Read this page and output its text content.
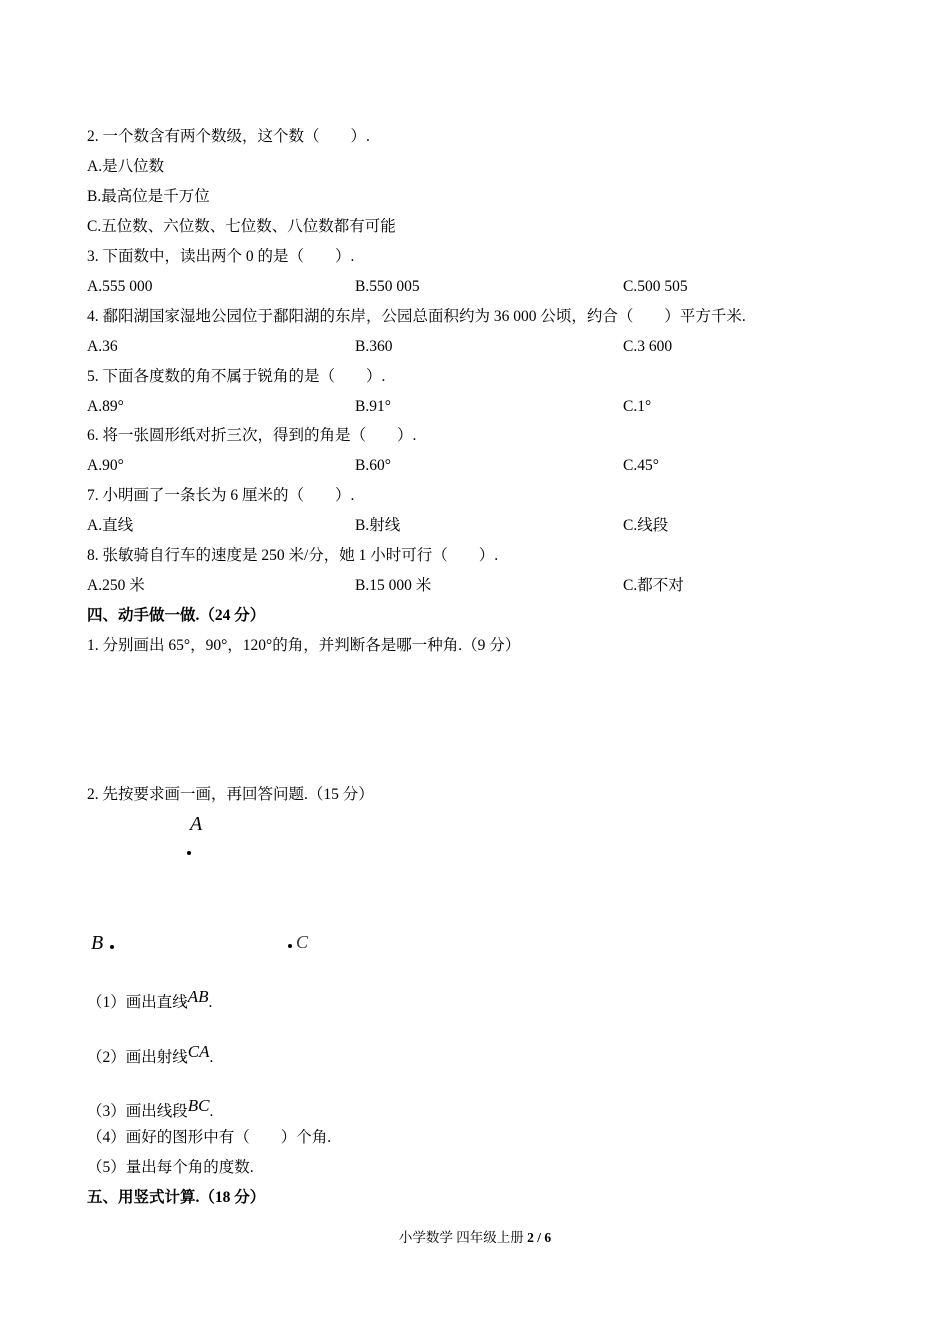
2. 一个数含有两个数级，这个数（　　）.
A.是八位数
B.最高位是千万位
C.五位数、六位数、七位数、八位数都有可能
3. 下面数中，读出两个 0 的是（　　）.
A.555 000	B.550 005	C.500 505
4. 鄱阳湖国家湿地公园位于鄱阳湖的东岸，公园总面积约为 36 000 公顷，约合（　　）平方千米.
A.36	B.360	C.3 600
5. 下面各度数的角不属于锐角的是（　　）.
A.89°	B.91°	C.1°
6. 将一张圆形纸对折三次，得到的角是（　　）.
A.90°	B.60°	C.45°
7. 小明画了一条长为 6 厘米的（　　）.
A.直线	B.射线	C.线段
8. 张敏骑自行车的速度是 250 米/分，她 1 小时可行（　　）.
A.250 米	B.15 000 米	C.都不对
四、动手做一做.（24 分）
1. 分别画出 65°，90°，120°的角，并判断各是哪一种角.（9 分）
2. 先按要求画一画，再回答问题.（15 分）
A
B	C
（1）画出直线AB.
（2）画出射线CA.
（3）画出线段BC.
（4）画好的图形中有（　　）个角.
（5）量出每个角的度数.
五、用竖式计算.（18 分）
小学数学 四年级上册 2 / 6
